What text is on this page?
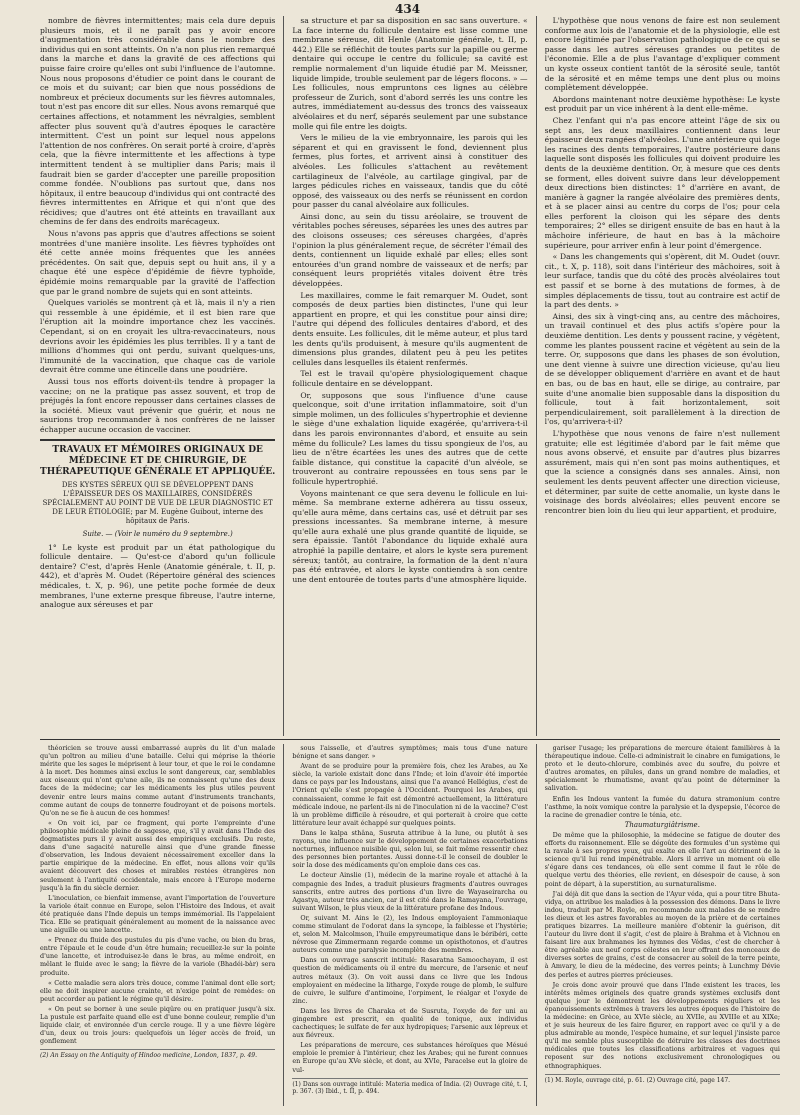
434

nombre de fièvres intermittentes; mais cela dure depuis plusieurs mois, et il ne paraît pas y avoir encore d'augmentation très considérable dans le nombre des individus qui en sont atteints. On n'a non plus rien remarqué dans la marche et dans la gravité de ces affections qui puisse faire croire qu'elles ont subi l'influence de l'automne. Nous nous proposons d'étudier ce point dans le courant de ce mois et du suivant; car bien que nous possédions de nombreux et précieux documents sur les fièvres automnales, tout n'est pas encore dit sur elles. Nous avons remarqué que certaines affections, et notamment les névralgies, semblent affecter plus souvent qu'à d'autres époques le caractère intermittent. C'est un point sur lequel nous appelons l'attention de nos confrères. On serait porté à croire, d'après cela, que la fièvre intermittente et les affections à type intermittent tendent à se multiplier dans Paris; mais il faudrait bien se garder d'accepter une pareille proposition comme fondée. N'oublions pas surtout que, dans nos hôpitaux, il entre beaucoup d'individus qui ont contracté des fièvres intermittentes en Afrique et qui n'ont que des récidives; que d'autres ont été atteints en travaillant aux chemins de fer dans des endroits marécageux.

Nous n'avons pas appris que d'autres affections se soient montrées d'une manière insolite. Les fièvres typhoïdes ont été cette année moins fréquentes que les années précédentes. On sait que, depuis sept ou huit ans, il y a chaque été une espèce d'épidémie de fièvre typhoïde, épidémie moins remarquable par la gravité de l'affection que par le grand nombre de sujets qui en sont atteints.

Quelques variolés se montrent çà et là, mais il n'y a rien qui ressemble à une épidémie, et il est bien rare que l'éruption ait la moindre importance chez les vaccinés. Cependant, si on en croyait les ultra-revaccinateurs, nous devrions avoir les épidémies les plus terribles. Il y a tant de millions d'hommes qui ont perdu, suivant quelques-uns, l'immunité de la vaccination, que chaque cas de variole devrait être comme une étincelle dans une poudrière.

Aussi tous nos efforts doivent-ils tendre à propager la vaccine; on ne la pratique pas assez souvent, et trop de préjugés la font encore repousser dans certaines classes de la société. Mieux vaut prévenir que guérir, et nous ne saurions trop recommander à nos confrères de ne laisser échapper aucune occasion de vacciner.

TRAVAUX ET MÉMOIRES ORIGINAUX DE MÉDECINE ET DE CHIRURGIE, DE THÉRAPEUTIQUE GÉNÉRALE ET APPLIQUÉE.
DES KYSTES SÉREUX QUI SE DÉVELOPPENT DANS L'ÉPAISSEUR DES OS MAXILLAIRES, CONSIDÉRÉS SPÉCIALEMENT AU POINT DE VUE DE LEUR DIAGNOSTIC ET DE LEUR ÉTIOLOGIE; par M. Eugène Guibout, interne des hôpitaux de Paris.
Suite. — (Voir le numéro du 9 septembre.)

1° Le kyste est produit par un état pathologique du follicule dentaire. — Qu'est-ce d'abord qu'un follicule dentaire? C'est, d'après Henle (Anatomie générale, t. II, p. 442), et d'après M. Oudet (Répertoire général des sciences médicales, t. X, p. 96), une petite poche formée de deux membranes, l'une externe presque fibreuse, l'autre interne, analogue aux séreuses et par

sa structure et par sa disposition en sac sans ouverture. « La face interne du follicule dentaire est lisse comme une membrane séreuse, dit Henle (Anatomie générale, t. II, p. 442.) Elle se réfléchit de toutes parts sur la papille ou germe dentaire qui occupe le centre du follicule; sa cavité est remplie normalement d'un liquide étudié par M. Meissner, liquide limpide, trouble seulement par de légers flocons. » — Les follicules, nous empruntons ces lignes au célèbre professeur de Zurich, sont d'abord serrés les uns contre les autres, immédiatement au-dessus des troncs des vaisseaux alvéolaires et du nerf, séparés seulement par une substance molle qui file entre les doigts.

Vers le milieu de la vie embryonnaire, les parois qui les séparent et qui en gravissent le fond, deviennent plus fermes, plus fortes, et arrivent ainsi à constituer des alvéoles. Les follicules s'attachent au revêtement cartilagineux de l'alvéole, au cartilage gingival, par de larges pédicules riches en vaisseaux, tandis que du côté opposé, des vaisseaux ou des nerfs se réunissent en cordon pour passer du canal alvéolaire aux follicules.

Ainsi donc, au sein du tissu aréolaire, se trouvent de véritables poches séreuses, séparées les unes des autres par des cloisons osseuses; ces séreuses chargées, d'après l'opinion la plus généralement reçue, de sécréter l'émail des dents, contiennent un liquide exhalé par elles; elles sont entourées d'un grand nombre de vaisseaux et de nerfs; par conséquent leurs propriétés vitales doivent être très développées.

Les maxillaires, comme le fait remarquer M. Oudet, sont composés de deux parties bien distinctes, l'une qui leur appartient en propre, et qui les constitue pour ainsi dire; l'autre qui dépend des follicules dentaires d'abord, et des dents ensuite. Les follicules, dit le même auteur, et plus tard les dents qu'ils produisent, à mesure qu'ils augmentent de dimensions plus grandes, dilatent peu à peu les petites cellules dans lesquelles ils étaient renfermés.

Tel est le travail qu'opère physiologiquement chaque follicule dentaire en se développant.

Or, supposons que sous l'influence d'une cause quelconque, soit d'une irritation inflammatoire, soit d'un simple molimen, un des follicules s'hypertrophie et devienne le siège d'une exhalation liquide exagérée, qu'arrivera-t-il dans les parois environnantes d'abord, et ensuite au sein même du follicule? Les lames du tissu spongieux de l'os, au lieu de n'être écartées les unes des autres que de cette faible distance, qui constitue la capacité d'un alvéole, se trouveront au contraire repoussées en tous sens par le follicule hypertrophié.

Voyons maintenant ce que sera devenu le follicule en lui-même. Sa membrane externe adhérera au tissu osseux, qu'elle aura même, dans certains cas, usé et détruit par ses pressions incessantes. Sa membrane interne, à mesure qu'elle aura exhalé une plus grande quantité de liquide, se sera épaissie. Tantôt l'abondance du liquide exhalé aura atrophié la papille dentaire, et alors le kyste sera purement séreux; tantôt, au contraire, la formation de la dent n'aura pas été entravée, et alors le kyste contiendra à son centre une dent entourée de toutes parts d'une atmosphère liquide.

L'hypothèse que nous venons de faire est non seulement conforme aux lois de l'anatomie et de la physiologie, elle est encore légitimée par l'observation pathologique de ce qui se passe dans les autres séreuses grandes ou petites de l'économie. Elle a de plus l'avantage d'expliquer comment un kyste osseux contient tantôt de la sérosité seule, tantôt de la sérosité et en même temps une dent plus ou moins complètement développée.

Abordons maintenant notre deuxième hypothèse: Le kyste est produit par un vice inhérent à la dent elle-même.

Chez l'enfant qui n'a pas encore atteint l'âge de six ou sept ans, les deux maxillaires contiennent dans leur épaisseur deux rangées d'alvéoles. L'une antérieure qui loge les racines des dents temporaires, l'autre postérieure dans laquelle sont disposés les follicules qui doivent produire les dents de la deuxième dentition. Or, à mesure que ces dents se forment, elles doivent suivre dans leur développement deux directions bien distinctes: 1° d'arrière en avant, de manière à gagner la rangée alvéolaire des premières dents, et à se placer ainsi au centre du corps de l'os; pour cela elles perforent la cloison qui les sépare des dents temporaires; 2° elles se dirigent ensuite de bas en haut à la mâchoire inférieure, de haut en bas à la mâchoire supérieure, pour arriver enfin à leur point d'émergence.

« Dans les changements qui s'opèrent, dit M. Oudet (ouvr. cit., t. X, p. 118), soit dans l'intérieur des mâchoires, soit à leur surface, tandis que du côté des procès alvéolaires tout est passif et se borne à des mutations de formes, à de simples déplacements de tissu, tout au contraire est actif de la part des dents. »

Ainsi, des six à vingt-cinq ans, au centre des mâchoires, un travail continuel et des plus actifs s'opère pour la deuxième dentition. Les dents y poussent racine, y végètent, comme les plantes poussent racine et végètent au sein de la terre. Or, supposons que dans les phases de son évolution, une dent vienne à suivre une direction vicieuse, qu'au lieu de se développer obliquement d'arrière en avant et de haut en bas, ou de bas en haut, elle se dirige, au contraire, par suite d'une anomalie bien supposable dans la disposition du follicule, tout à fait horizontalement, soit perpendiculairement, soit parallèlement à la direction de l'os, qu'arrivera-t-il?

L'hypothèse que nous venons de faire n'est nullement gratuite; elle est légitimée d'abord par le fait même que nous avons observé, et ensuite par d'autres plus bizarres assurément, mais qui n'en sont pas moins authentiques, et que la science a consignés dans ses annales. Ainsi, non seulement les dents peuvent affecter une direction vicieuse, et déterminer, par suite de cette anomalie, un kyste dans le voisinage des bords alvéolaires; elles peuvent encore se rencontrer bien loin du lieu qui leur appartient, et produire,

théoricien se trouve aussi embarrassé auprès du lit d'un malade qu'un poltron au milieu d'une bataille. Celui qui méprise la théorie mérite que les sages le méprisent à leur tour, et que le roi le condamne à la mort. Des hommes ainsi exclus le sont dangereux, car, semblables aux oiseaux qui n'ont qu'une aile, ils ne connaissent qu'une des deux faces de la médecine; car les médicaments les plus utiles peuvent devenir entre leurs mains comme autant d'instruments tranchants, comme autant de coups de tonnerre foudroyant et de poisons mortels. Qu'on ne se fie à aucun de ces hommes!

« On voit ici, par ce fragment, qui porte l'empreinte d'une philosophie médicale pleine de sagesse, que, s'il y avait dans l'Inde des dogmatistes purs il y avait aussi des empiriques exclusifs. Du reste, dans d'une sagacité naturelle ainsi que d'une grande finesse d'observation, les Indous devaient nécessairement exceller dans la partie empirique de la médecine. En effet, nous allons voir qu'ils avaient découvert des choses et mirables restées étrangères non seulement à l'antiquité occidentale, mais encore à l'Europe moderne jusqu'à la fin du siècle dernier.

L'inoculation, ce bienfait immense, avant l'importation de l'ouverture la variole était connue en Europe, selon l'Histoire des Indous, et avait été pratiquée dans l'Inde depuis un temps immémorial. Ils l'appelaient Tica. Elle se pratiquait généralement au moment de la naissance avec une aiguille ou une lancette.

« Prenez du fluide des pustules du pis d'une vache, ou bien du bras, entre l'épaule et le coude d'un être humain; recueillez-le sur la pointe d'une lancette, et introduisez-le dans le bras, au même endroit, en mêlant le fluide avec le sang; la fièvre de la variole (Bhadéi-bàr) sera produite.

« Cette maladie sera alors très douce, comme l'animal dont elle sort; elle ne doit inspirer aucune crainte, et n'exige point de remèdes: on peut accorder au patient le régime qu'il désire.

« On peut se borner à une seule piqûre ou en pratiquer jusqu'à six. La pustule est parfaite quand elle est d'une bonne couleur, remplie d'un liquide clair, et environnée d'un cercle rouge. Il y a une fièvre légère d'un, deux ou trois jours: quelquefois un léger accès de froid, un gonflement

(2) An Essay on the Antiquity of Hindoo medicine, London, 1837, p. 49.

sous l'aisselle, et d'autres symptômes; mais tous d'une nature bénigne et sans danger. »

Avant de se produire pour la première fois, chez les Arabes, au Xe siècle, la variole existait donc dans l'Inde; et loin d'avoir été importée dans ce pays par les Indoustans, ainsi que l'a avancé Hellégius, c'est de l'Orient qu'elle s'est propagée à l'Occident. Pourquoi les Arabes, qui connaissaient, comme le fait est démontré actuellement, la littérature médicale indoue, ne parlent-ils ni de l'inoculation ni de la vaccine? C'est là un problème difficile à résoudre, et qui porterait à croire que cette littérature leur avait échappé sur quelques points.

Dans le kalpa sthâna, Susruta attribue à la lune, ou plutôt à ses rayons, une influence sur le développement de certaines exacerbations nocturnes, influence nuisible qui, selon lui, se fait même ressentir chez des personnes bien portantes. Aussi donne-t-il le conseil de doubler le soir la dose des médicaments qu'on emploie dans ces cas.

Le docteur Ainslie (1), médecin de la marine royale et attaché à la compagnie des Indes, a traduit plusieurs fragments d'autres ouvrages sanscrits, entre autres des portions d'un livre de Wayaseirarcha ou Agastya, auteur très ancien, car il est cité dans le Ramayana, l'ouvrage, suivant Wilson, le plus vieux de la littérature profane des Indous.

Or, suivant M. Ains le (2), les Indous employaient l'ammoniaque comme stimulant de l'odorat dans la syncope, la faiblesse et l'hystérie; et, selon M. Malcolmson, l'huile empyreumatique dans le béribéri, cette névrose que Zimmermann regarde comme un opisthotonos, et d'autres auteurs comme une paralysie incomplète des membres.

Dans un ouvrage sanscrit intitulé: Rasaratna Samoochayam, il est question de médicaments où il entre du mercure, de l'arsenic et neuf autres métaux (3). On voit aussi dans ce livre que les Indous employaient en médecine la litharge, l'oxyde rouge de plomb, le sulfure de cuivre, le sulfure d'antimoine, l'orpiment, le réalgar et l'oxyde de zinc.

Dans les livres de Charaka et de Susruta, l'oxyde de fer uni au gingembre est prescrit, en qualité de tonique, aux individus cachectiques; le sulfate de fer aux hydropiques; l'arsenic aux lépreux et aux fiévreux.

Les préparations de mercure, ces substances héroïques que Mésué emploie le premier à l'intérieur, chez les Arabes; qui ne furent connues en Europe qu'au XVe siècle, et dont, au XVIe, Paracelse eut la gloire de vul-

(1) Dans son ouvrage intitulé: Materia medica of India. (2) Ouvrage cité, t. I, p. 367. (3) Ibid., t. II, p. 494.

gariser l'usage; les préparations de mercure étaient familières à la thérapeutique indoue. Celle-ci administrait le cinabre en fumigations, le proto et le deuto-chlorure, combinés avec du soufre, du poivre et d'autres aromates, en pilules, dans un grand nombre de maladies, et spécialement le rhumatisme, avant qu'au point de déterminer la salivation.

Enfin les Indous vantent la fumée du datura stramonium contre l'asthme, la noix vomique contre la paralysie et la dyspepsie, l'écorce de la racine de grenadier contre le ténia, etc.

Thaumaturgiâtrisme.

De même que la philosophie, la médecine se fatigue de douter des efforts du raisonnement. Elle se dégoûte des formules d'un système qui la ravale à ses propres yeux, qui exalte en elle l'art au détriment de la science qu'il lui rend impénétrable. Alors il arrive un moment où elle s'égare dans ces tendances, où elle sent comme il faut le rôle de quelque vertu des théories, elle revient, en désespoir de cause, à son point de départ, à la superstition, au surnaturalisme.

J'ai déjà dit que dans la section de l'Ayur véda, qui a pour titre Bhuta-vidya, on attribue les maladies à la possession des démons. Dans le livre indou, traduit par M. Royle, on recommande aux malades de se rendre les dieux et les astres favorables au moyen de la prière et de certaines pratiques bizarres. La meilleure manière d'obtenir la guérison, dit l'auteur du livre dont il s'agit, c'est de plaire à Brahma et à Vichnou en faisant lire aux brahmanes les hymnes des Védas, c'est de chercher à être agréable aux neuf corps célestes en leur offrant des monceaux de diverses sortes de grains, c'est de consacrer au soleil de la terre peinte, à Amvary, le dieu de la médecine, des verres peints; à Lunchmy Dévie des perles et autres pierres précieuses.

Je crois donc avoir prouvé que dans l'Inde existent les traces, les intérêts mêmes originels des quatre grands systèmes exclusifs dont quelque jour le démontrent les développements réguliers et les épanouissements extrêmes à travers les autres époques de l'histoire de la médecine: en Grèce, au XVIe siècle, au XVIIe, au XVIIIe et au XIXe; et je suis heureux de les faire figurer, en rapport avec ce qu'il y a de plus admirable au monde, l'espèce humaine, et sur lequel j'insiste parce qu'il me semble plus susceptible de détruire les classes des doctrines médicales que toutes les classifications arbitraires et vagues qui reposent sur des notions exclusivement chronologiques ou ethnographiques.

(1) M. Royle, ouvrage cité, p. 61. (2) Ouvrage cité, page 147.
